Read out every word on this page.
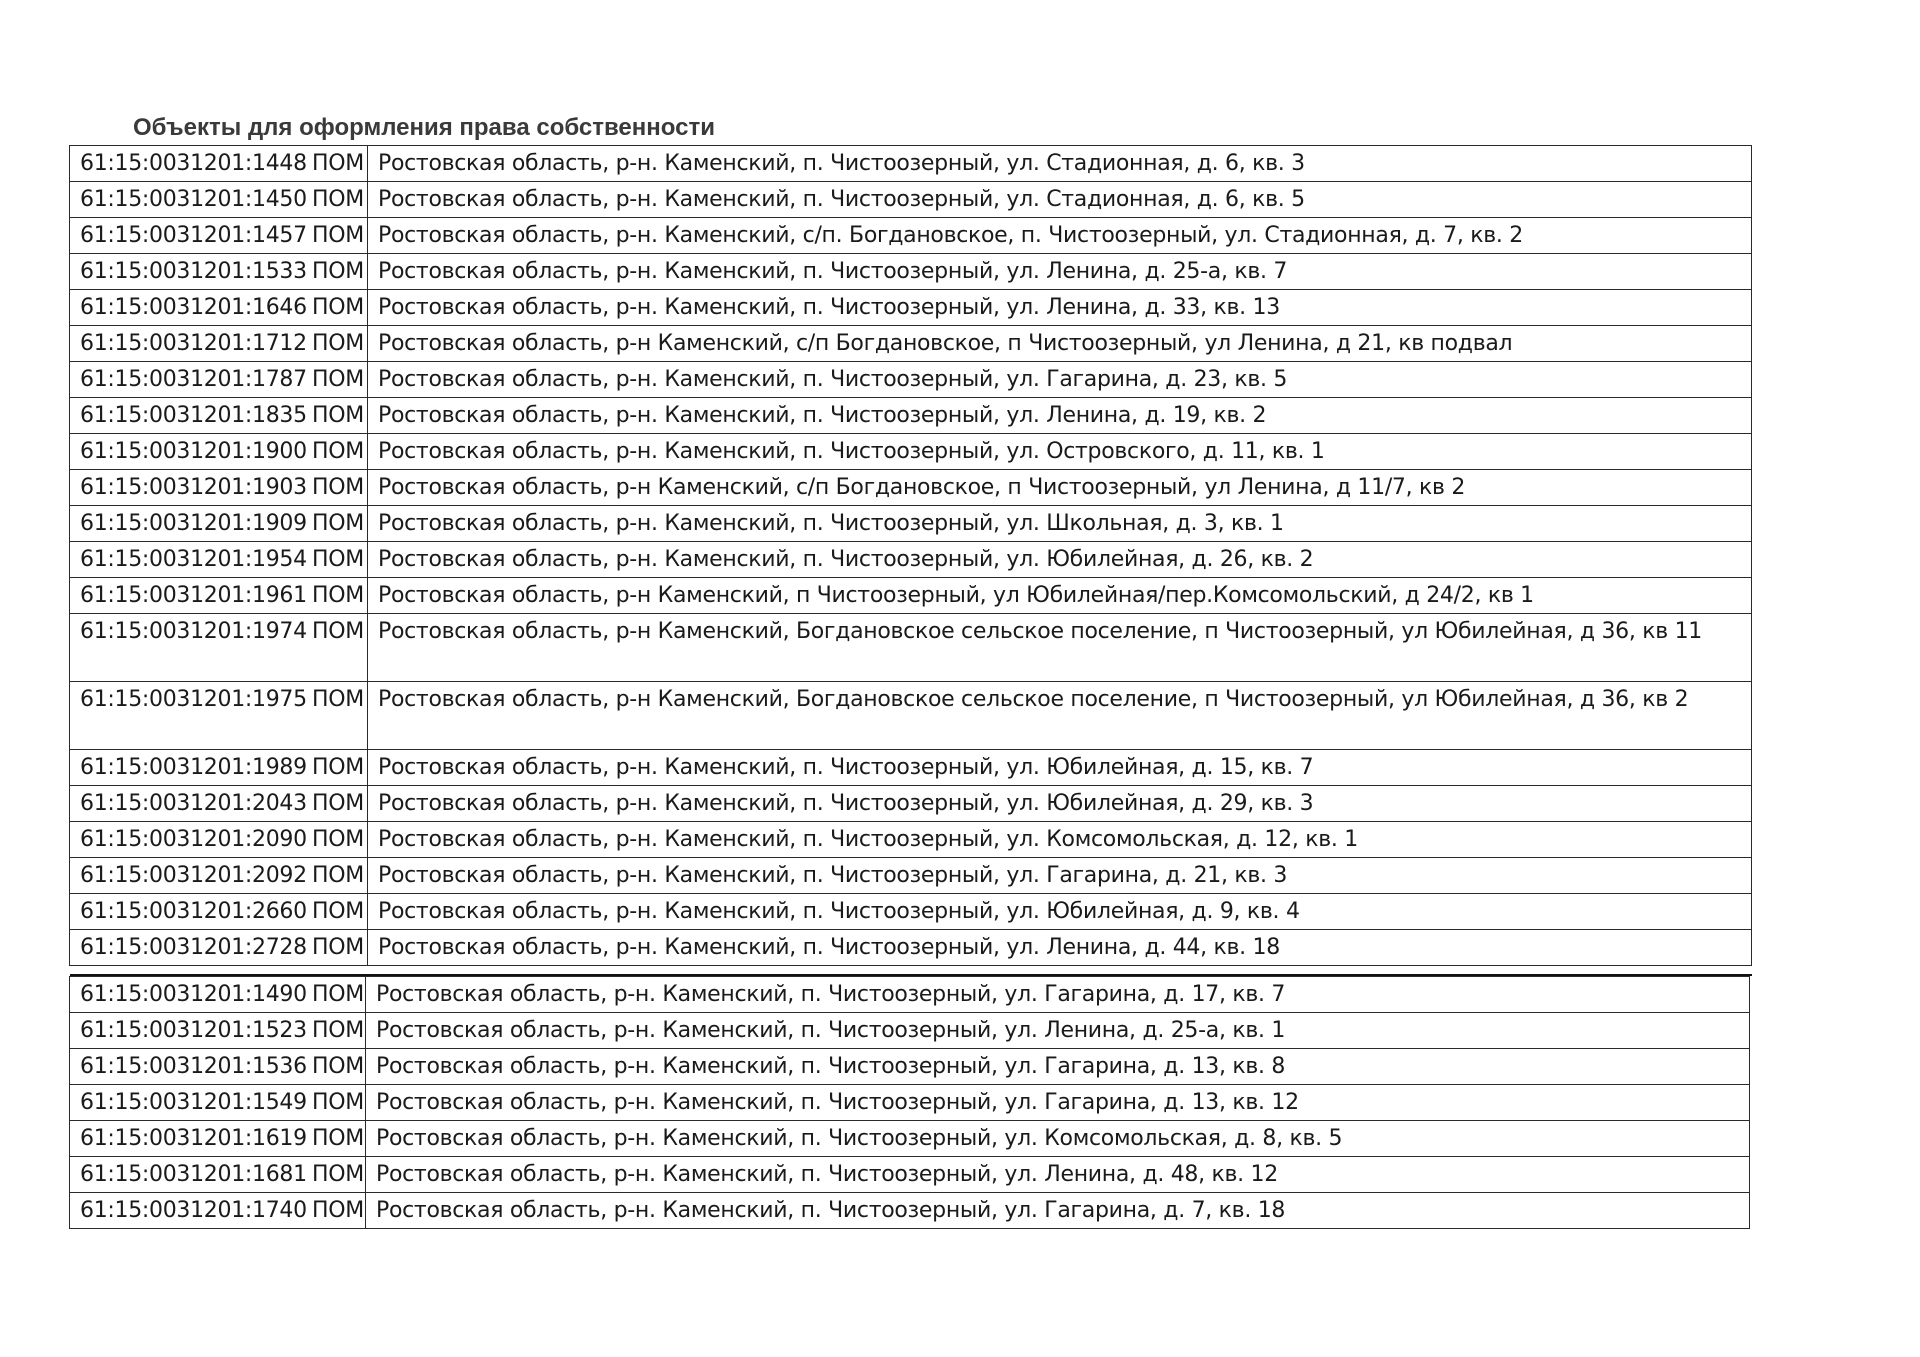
Объекты для оформления права собственности
61:15:0031201:1448 ПОМ	Ростовская область, р-н. Каменский, п. Чистоозерный, ул. Стадионная, д. 6, кв. 3
61:15:0031201:1450 ПОМ	Ростовская область, р-н. Каменский, п. Чистоозерный, ул. Стадионная, д. 6, кв. 5
61:15:0031201:1457 ПОМ	Ростовская область, р-н. Каменский, с/п. Богдановское, п. Чистоозерный, ул. Стадионная, д. 7, кв. 2
61:15:0031201:1533 ПОМ	Ростовская область, р-н. Каменский, п. Чистоозерный, ул. Ленина, д. 25-а, кв. 7
61:15:0031201:1646 ПОМ	Ростовская область, р-н. Каменский, п. Чистоозерный, ул. Ленина, д. 33, кв. 13
61:15:0031201:1712 ПОМ	Ростовская область, р-н Каменский, с/п Богдановское, п Чистоозерный, ул Ленина, д 21, кв подвал
61:15:0031201:1787 ПОМ	Ростовская область, р-н. Каменский, п. Чистоозерный, ул. Гагарина, д. 23, кв. 5
61:15:0031201:1835 ПОМ	Ростовская область, р-н. Каменский, п. Чистоозерный, ул. Ленина, д. 19, кв. 2
61:15:0031201:1900 ПОМ	Ростовская область, р-н. Каменский, п. Чистоозерный, ул. Островского, д. 11, кв. 1
61:15:0031201:1903 ПОМ	Ростовская область, р-н Каменский, с/п Богдановское, п Чистоозерный, ул Ленина, д 11/7, кв 2
61:15:0031201:1909 ПОМ	Ростовская область, р-н. Каменский, п. Чистоозерный, ул. Школьная, д. 3, кв. 1
61:15:0031201:1954 ПОМ	Ростовская область, р-н. Каменский, п. Чистоозерный, ул. Юбилейная, д. 26, кв. 2
61:15:0031201:1961 ПОМ	Ростовская область, р-н Каменский, п Чистоозерный, ул Юбилейная/пер.Комсомольский, д 24/2, кв 1
61:15:0031201:1974 ПОМ	Ростовская область, р-н Каменский, Богдановское сельское поселение, п Чистоозерный, ул Юбилейная, д 36, кв 11
61:15:0031201:1975 ПОМ	Ростовская область, р-н Каменский, Богдановское сельское поселение, п Чистоозерный, ул Юбилейная, д 36, кв 2
61:15:0031201:1989 ПОМ	Ростовская область, р-н. Каменский, п. Чистоозерный, ул. Юбилейная, д. 15, кв. 7
61:15:0031201:2043 ПОМ	Ростовская область, р-н. Каменский, п. Чистоозерный, ул. Юбилейная, д. 29, кв. 3
61:15:0031201:2090 ПОМ	Ростовская область, р-н. Каменский, п. Чистоозерный, ул. Комсомольская, д. 12, кв. 1
61:15:0031201:2092 ПОМ	Ростовская область, р-н. Каменский, п. Чистоозерный, ул. Гагарина, д. 21, кв. 3
61:15:0031201:2660 ПОМ	Ростовская область, р-н. Каменский, п. Чистоозерный, ул. Юбилейная, д. 9, кв. 4
61:15:0031201:2728 ПОМ	Ростовская область, р-н. Каменский, п. Чистоозерный, ул. Ленина, д. 44, кв. 18
61:15:0031201:1490 ПОМ	Ростовская область, р-н. Каменский, п. Чистоозерный, ул. Гагарина, д. 17, кв. 7
61:15:0031201:1523 ПОМ	Ростовская область, р-н. Каменский, п. Чистоозерный, ул. Ленина, д. 25-а, кв. 1
61:15:0031201:1536 ПОМ	Ростовская область, р-н. Каменский, п. Чистоозерный, ул. Гагарина, д. 13, кв. 8
61:15:0031201:1549 ПОМ	Ростовская область, р-н. Каменский, п. Чистоозерный, ул. Гагарина, д. 13, кв. 12
61:15:0031201:1619 ПОМ	Ростовская область, р-н. Каменский, п. Чистоозерный, ул. Комсомольская, д. 8, кв. 5
61:15:0031201:1681 ПОМ	Ростовская область, р-н. Каменский, п. Чистоозерный, ул. Ленина, д. 48, кв. 12
61:15:0031201:1740 ПОМ	Ростовская область, р-н. Каменский, п. Чистоозерный, ул. Гагарина, д. 7, кв. 18
